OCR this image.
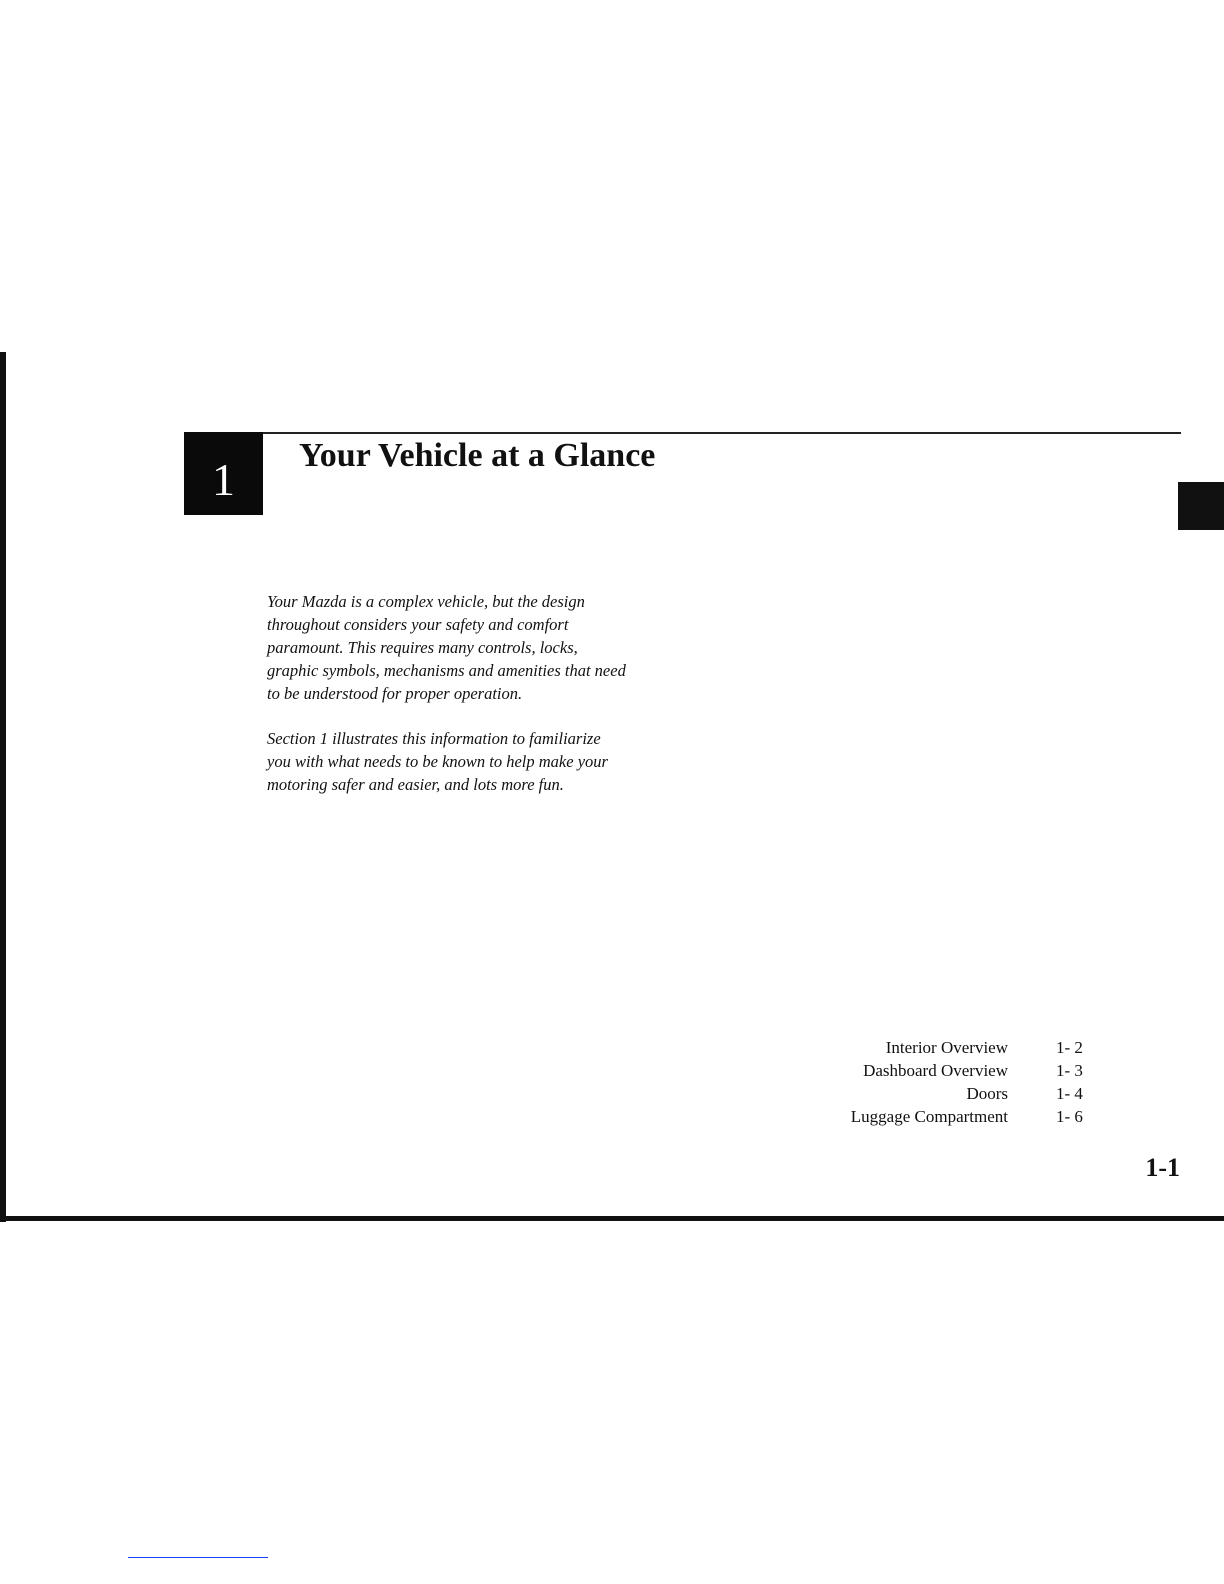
1 Your Vehicle at a Glance

Your Mazda is a complex vehicle, but the design throughout considers your safety and comfort paramount. This requires many controls, locks, graphic symbols, mechanisms and amenities that need to be understood for proper operation.

Section 1 illustrates this information to familiarize you with what needs to be known to help make your motoring safer and easier, and lots more fun.

Interior Overview	1- 2
Dashboard Overview	1- 3
Doors	1- 4
Luggage Compartment	1- 6
1-1
